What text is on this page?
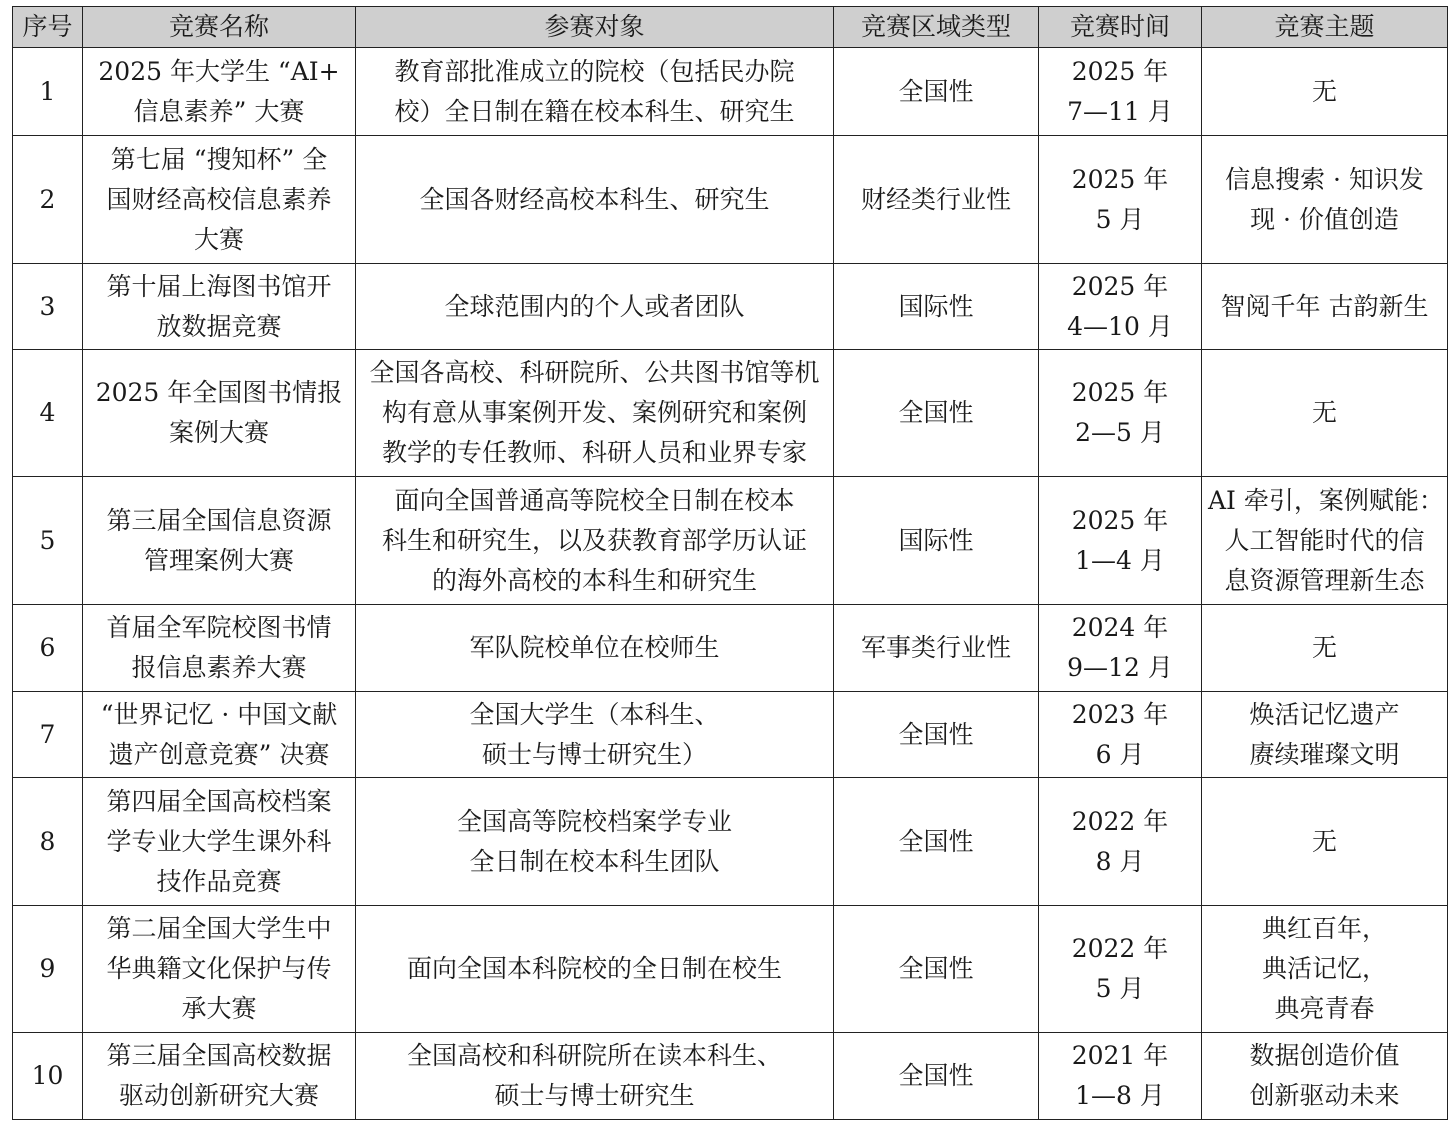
序号	竞赛名称	参赛对象	竞赛区域类型	竞赛时间	竞赛主题
1	2025 年大学生 “AI+
信息素养” 大赛	教育部批准成立的院校（包括民办院
校）全日制在籍在校本科生、研究生	全国性	2025 年
7—11 月	无

2	第七届 “搜知杯” 全
国财经高校信息素养
大赛	全国各财经高校本科生、研究生	财经类行业性	2025 年
5 月	信息搜索 · 知识发
现 · 价值创造

3	第十届上海图书馆开
放数据竞赛	全球范围内的个人或者团队	国际性	2025 年
4—10 月	智阅千年 古韵新生

4	2025 年全国图书情报
案例大赛	全国各高校、科研院所、公共图书馆等机
构有意从事案例开发、案例研究和案例
教学的专任教师、科研人员和业界专家	全国性	2025 年
2—5 月	无

5	第三届全国信息资源
管理案例大赛	面向全国普通高等院校全日制在校本
科生和研究生，以及获教育部学历认证
的海外高校的本科生和研究生	国际性	2025 年
1—4 月	AI 牵引，案例赋能：
人工智能时代的信
息资源管理新生态

6	首届全军院校图书情
报信息素养大赛	军队院校单位在校师生	军事类行业性	2024 年
9—12 月	无

7	“世界记忆 · 中国文献
遗产创意竞赛” 决赛	全国大学生（本科生、
硕士与博士研究生）	全国性	2023 年
6 月	焕活记忆遗产
赓续璀璨文明

8	第四届全国高校档案
学专业大学生课外科
技作品竞赛	全国高等院校档案学专业
全日制在校本科生团队	全国性	2022 年
8 月	无

9	第二届全国大学生中
华典籍文化保护与传
承大赛	面向全国本科院校的全日制在校生	全国性	2022 年
5 月	典红百年，
典活记忆，
典亮青春

10	第三届全国高校数据
驱动创新研究大赛	全国高校和科研院所在读本科生、
硕士与博士研究生	全国性	2021 年
1—8 月	数据创造价值
创新驱动未来
